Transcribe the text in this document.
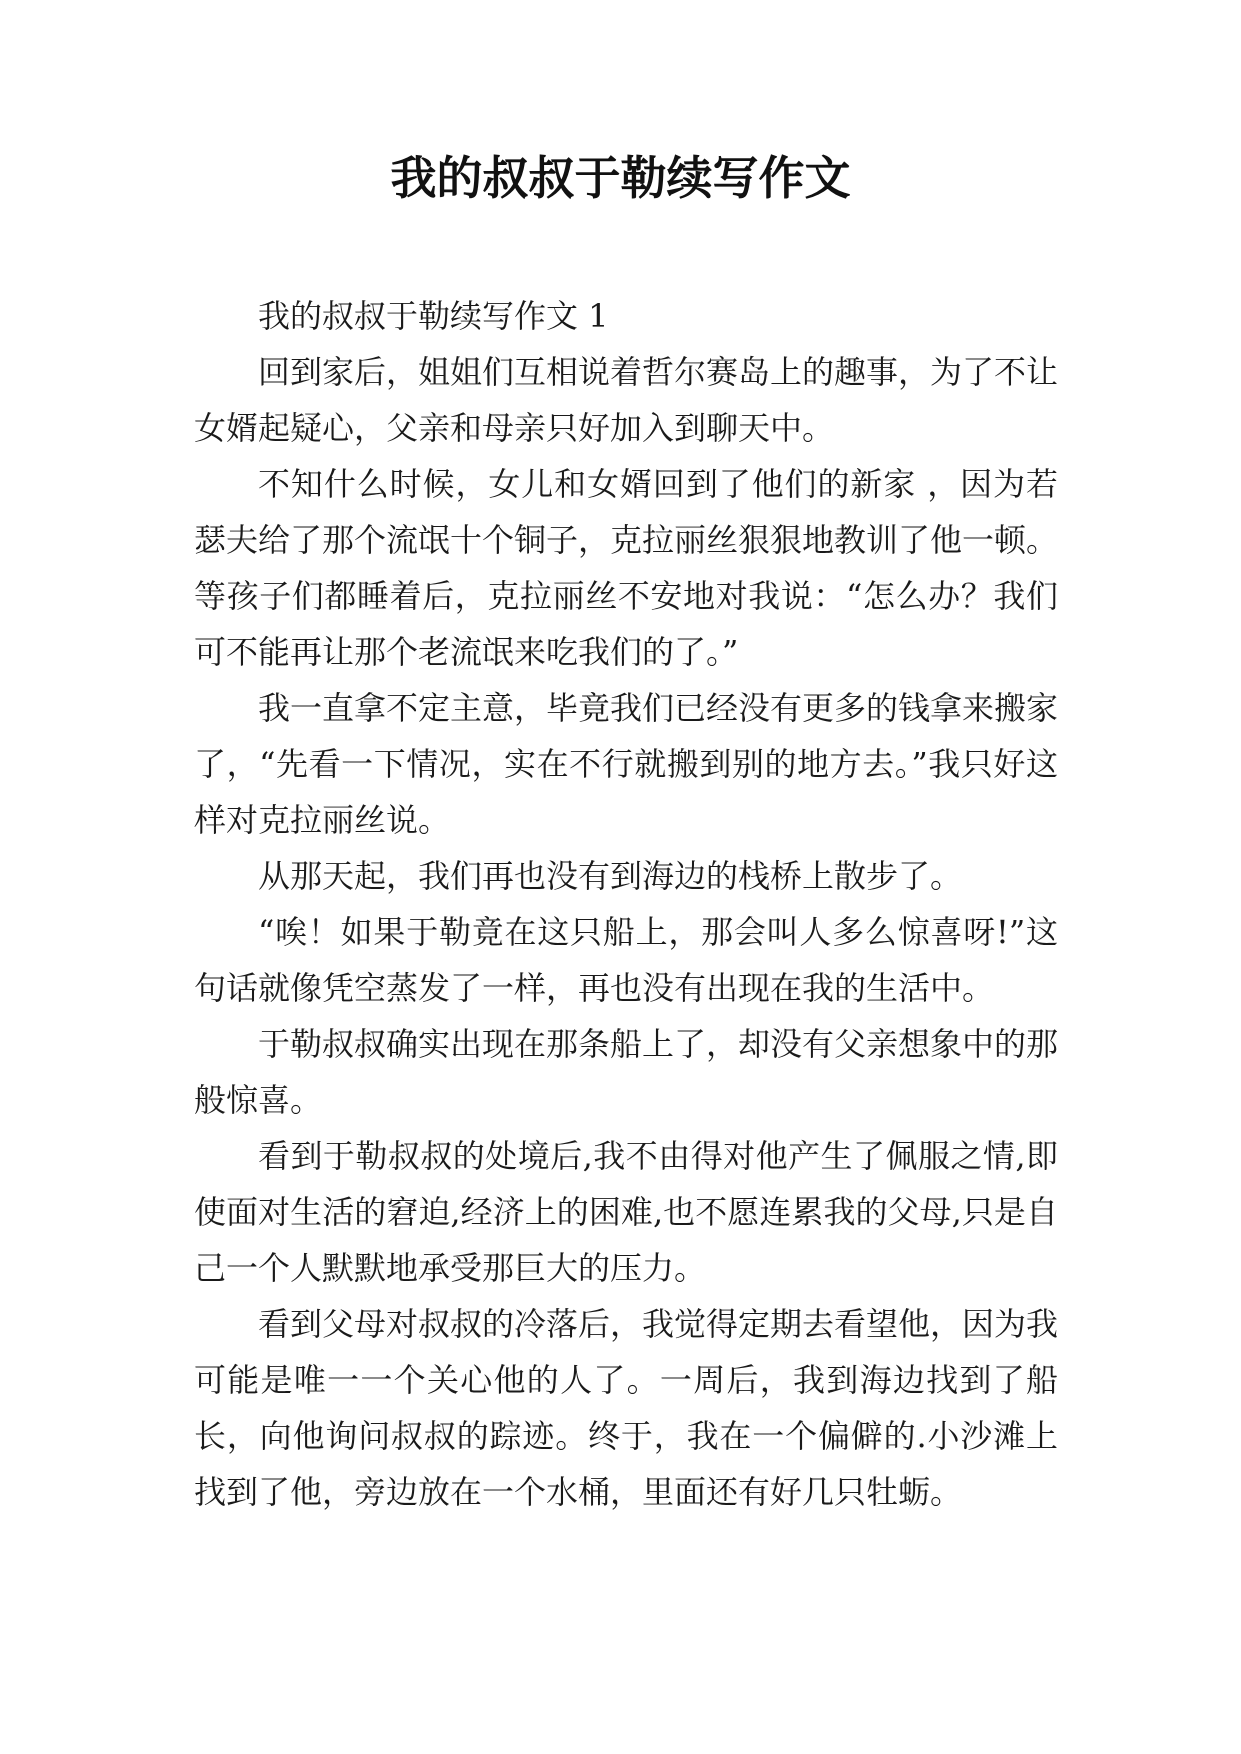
我的叔叔于勒续写作文

我的叔叔于勒续写作文 1

回到家后，姐姐们互相说着哲尔赛岛上的趣事，为了不让女婿起疑心，父亲和母亲只好加入到聊天中。

不知什么时候，女儿和女婿回到了他们的新家 ，因为若瑟夫给了那个流氓十个铜子，克拉丽丝狠狠地教训了他一顿。等孩子们都睡着后，克拉丽丝不安地对我说：“怎么办？我们可不能再让那个老流氓来吃我们的了。”

我一直拿不定主意，毕竟我们已经没有更多的钱拿来搬家了，“先看一下情况，实在不行就搬到别的地方去。”我只好这样对克拉丽丝说。

从那天起，我们再也没有到海边的栈桥上散步了。

“唉！如果于勒竟在这只船上，那会叫人多么惊喜呀!”这句话就像凭空蒸发了一样，再也没有出现在我的生活中。

于勒叔叔确实出现在那条船上了，却没有父亲想象中的那般惊喜。

看到于勒叔叔的处境后,我不由得对他产生了佩服之情,即使面对生活的窘迫,经济上的困难,也不愿连累我的父母,只是自己一个人默默地承受那巨大的压力。

看到父母对叔叔的冷落后，我觉得定期去看望他，因为我可能是唯一一个关心他的人了。一周后，我到海边找到了船长，向他询问叔叔的踪迹。终于，我在一个偏僻的.小沙滩上找到了他，旁边放在一个水桶，里面还有好几只牡蛎。
